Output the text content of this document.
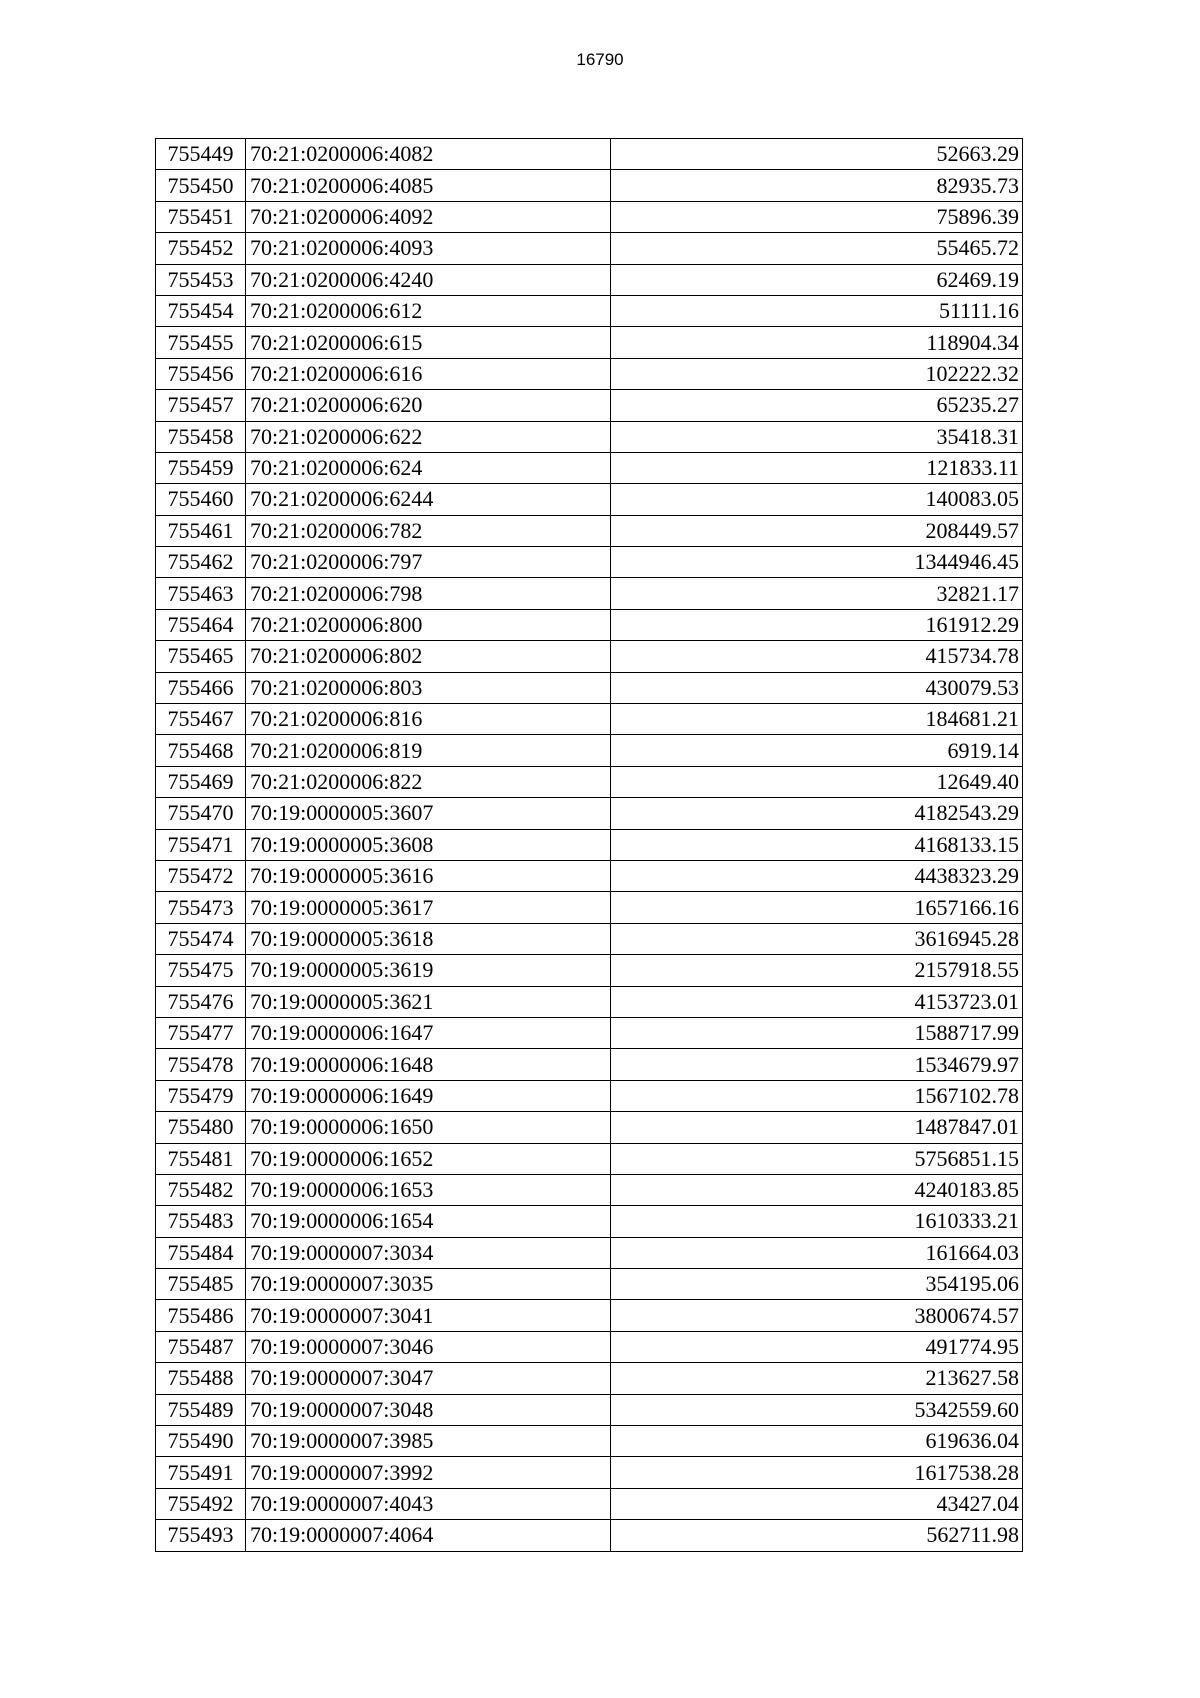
16790
755449	70:21:0200006:4082	52663.29
755450	70:21:0200006:4085	82935.73
755451	70:21:0200006:4092	75896.39
755452	70:21:0200006:4093	55465.72
755453	70:21:0200006:4240	62469.19
755454	70:21:0200006:612	51111.16
755455	70:21:0200006:615	118904.34
755456	70:21:0200006:616	102222.32
755457	70:21:0200006:620	65235.27
755458	70:21:0200006:622	35418.31
755459	70:21:0200006:624	121833.11
755460	70:21:0200006:6244	140083.05
755461	70:21:0200006:782	208449.57
755462	70:21:0200006:797	1344946.45
755463	70:21:0200006:798	32821.17
755464	70:21:0200006:800	161912.29
755465	70:21:0200006:802	415734.78
755466	70:21:0200006:803	430079.53
755467	70:21:0200006:816	184681.21
755468	70:21:0200006:819	6919.14
755469	70:21:0200006:822	12649.40
755470	70:19:0000005:3607	4182543.29
755471	70:19:0000005:3608	4168133.15
755472	70:19:0000005:3616	4438323.29
755473	70:19:0000005:3617	1657166.16
755474	70:19:0000005:3618	3616945.28
755475	70:19:0000005:3619	2157918.55
755476	70:19:0000005:3621	4153723.01
755477	70:19:0000006:1647	1588717.99
755478	70:19:0000006:1648	1534679.97
755479	70:19:0000006:1649	1567102.78
755480	70:19:0000006:1650	1487847.01
755481	70:19:0000006:1652	5756851.15
755482	70:19:0000006:1653	4240183.85
755483	70:19:0000006:1654	1610333.21
755484	70:19:0000007:3034	161664.03
755485	70:19:0000007:3035	354195.06
755486	70:19:0000007:3041	3800674.57
755487	70:19:0000007:3046	491774.95
755488	70:19:0000007:3047	213627.58
755489	70:19:0000007:3048	5342559.60
755490	70:19:0000007:3985	619636.04
755491	70:19:0000007:3992	1617538.28
755492	70:19:0000007:4043	43427.04
755493	70:19:0000007:4064	562711.98
